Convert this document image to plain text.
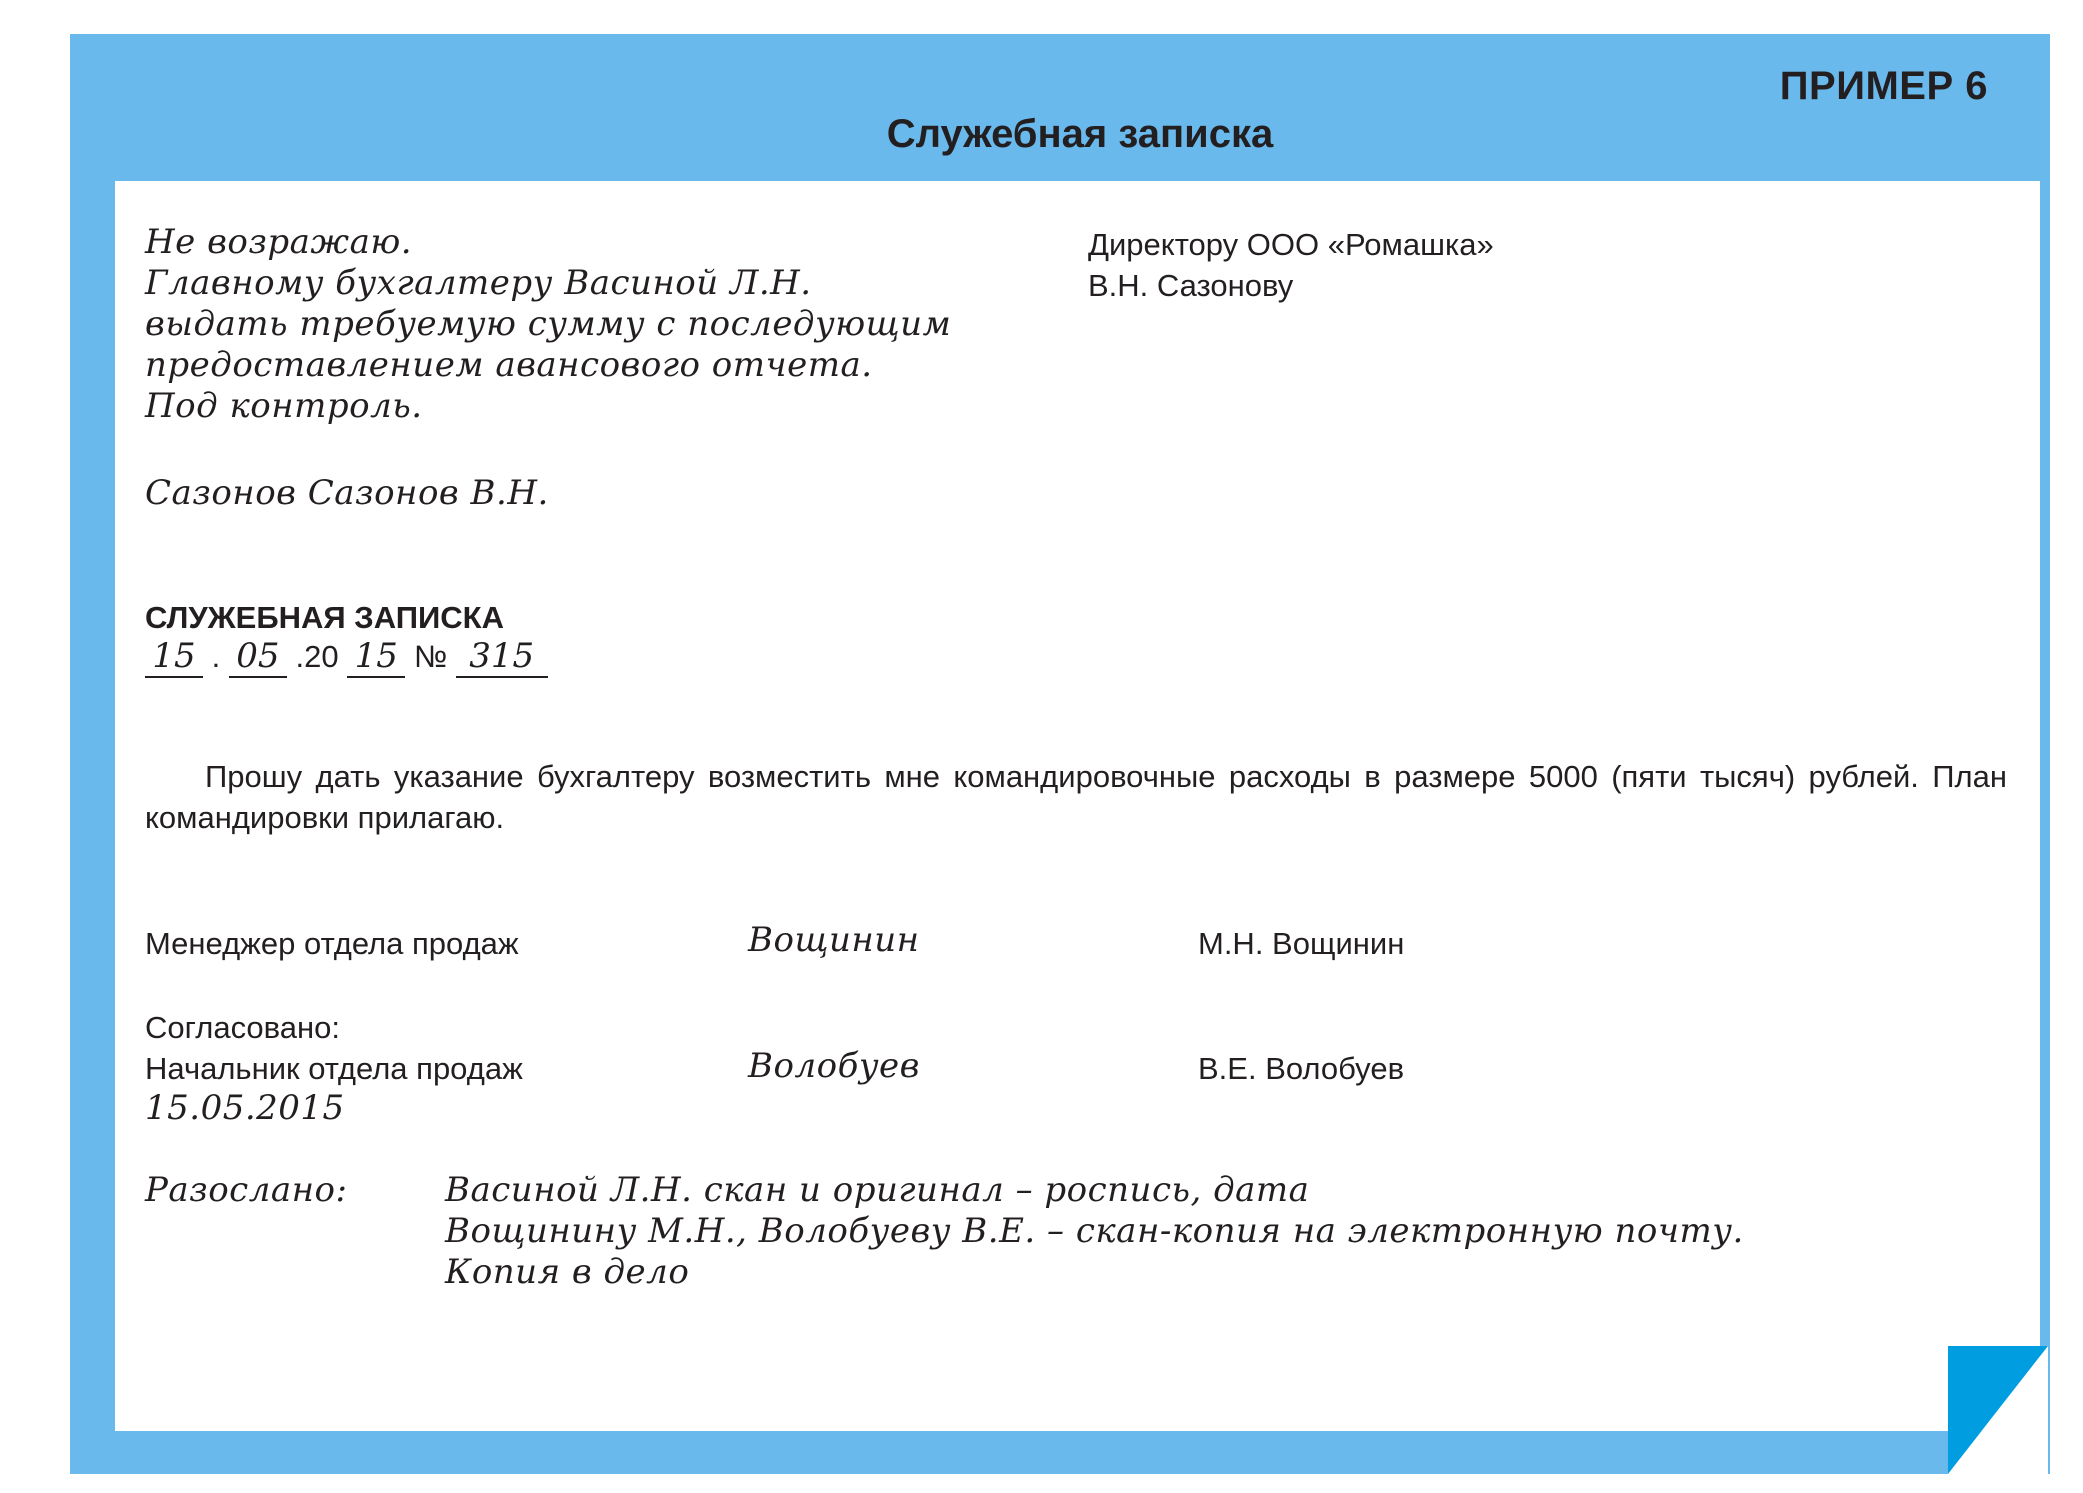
ПРИМЕР 6
Служебная записка
Не возражаю.
Главному бухгалтеру Васиной Л.Н.
выдать требуемую сумму с последующим
предоставлением авансового отчета.
Под контроль.
Сазонов Сазонов В.Н.
Директору ООО «Ромашка»
В.Н. Сазонову
СЛУЖЕБНАЯ ЗАПИСКА
15 . 05 .20 15 № 315
Прошу дать указание бухгалтеру возместить мне командировочные расходы в размере 5000 (пяти тысяч) рублей. План командировки прилагаю.
Менеджер отдела продаж	Вощинин	М.Н. Вощинин
Согласовано:
Начальник отдела продаж	Волобуев	В.Е. Волобуев
15.05.2015
Разослано:	Васиной Л.Н. скан и оригинал – роспись, дата
Вощинину М.Н., Волобуеву В.Е. – скан-копия на электронную почту.
Копия в дело
